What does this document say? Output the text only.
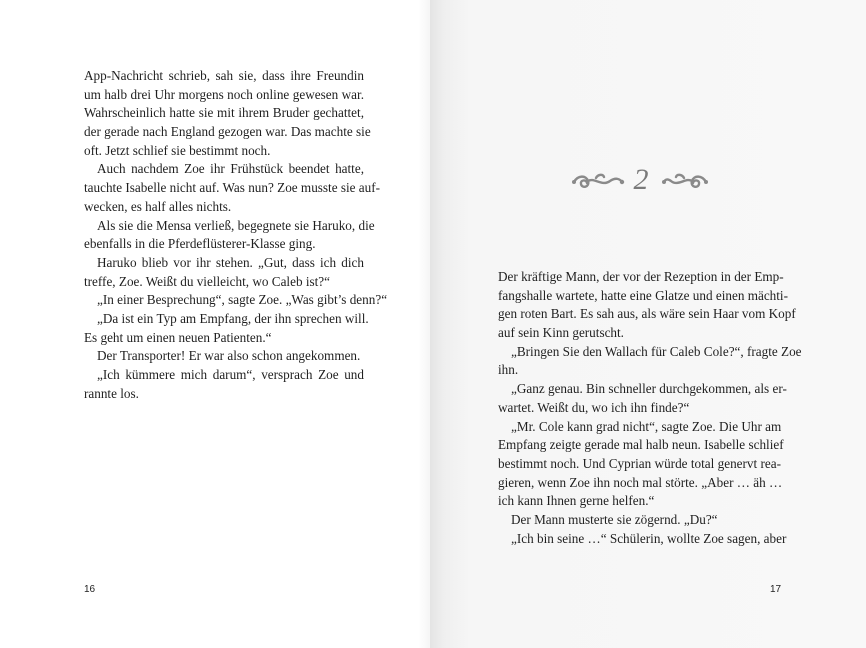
App-Nachricht schrieb, sah sie, dass ihre Freundin
um halb drei Uhr morgens noch online gewesen war.
Wahrscheinlich hatte sie mit ihrem Bruder gechattet,
der gerade nach England gezogen war. Das machte sie
oft. Jetzt schlief sie bestimmt noch.
Auch nachdem Zoe ihr Frühstück beendet hatte,
tauchte Isabelle nicht auf. Was nun? Zoe musste sie auf-
wecken, es half alles nichts.
Als sie die Mensa verließ, begegnete sie Haruko, die
ebenfalls in die Pferdeflüsterer-Klasse ging.
Haruko blieb vor ihr stehen. „Gut, dass ich dich
treffe, Zoe. Weißt du vielleicht, wo Caleb ist?“
„In einer Besprechung“, sagte Zoe. „Was gibt’s denn?“
„Da ist ein Typ am Empfang, der ihn sprechen will.
Es geht um einen neuen Patienten.“
Der Transporter! Er war also schon angekommen.
„Ich kümmere mich darum“, versprach Zoe und
rannte los.
16
2
Der kräftige Mann, der vor der Rezeption in der Emp-
fangshalle wartete, hatte eine Glatze und einen mächti-
gen roten Bart. Es sah aus, als wäre sein Haar vom Kopf
auf sein Kinn gerutscht.
„Bringen Sie den Wallach für Caleb Cole?“, fragte Zoe
ihn.
„Ganz genau. Bin schneller durchgekommen, als er-
wartet. Weißt du, wo ich ihn finde?“
„Mr. Cole kann grad nicht“, sagte Zoe. Die Uhr am
Empfang zeigte gerade mal halb neun. Isabelle schlief
bestimmt noch. Und Cyprian würde total genervt rea-
gieren, wenn Zoe ihn noch mal störte. „Aber … äh …
ich kann Ihnen gerne helfen.“
Der Mann musterte sie zögernd. „Du?“
„Ich bin seine …“ Schülerin, wollte Zoe sagen, aber
17
